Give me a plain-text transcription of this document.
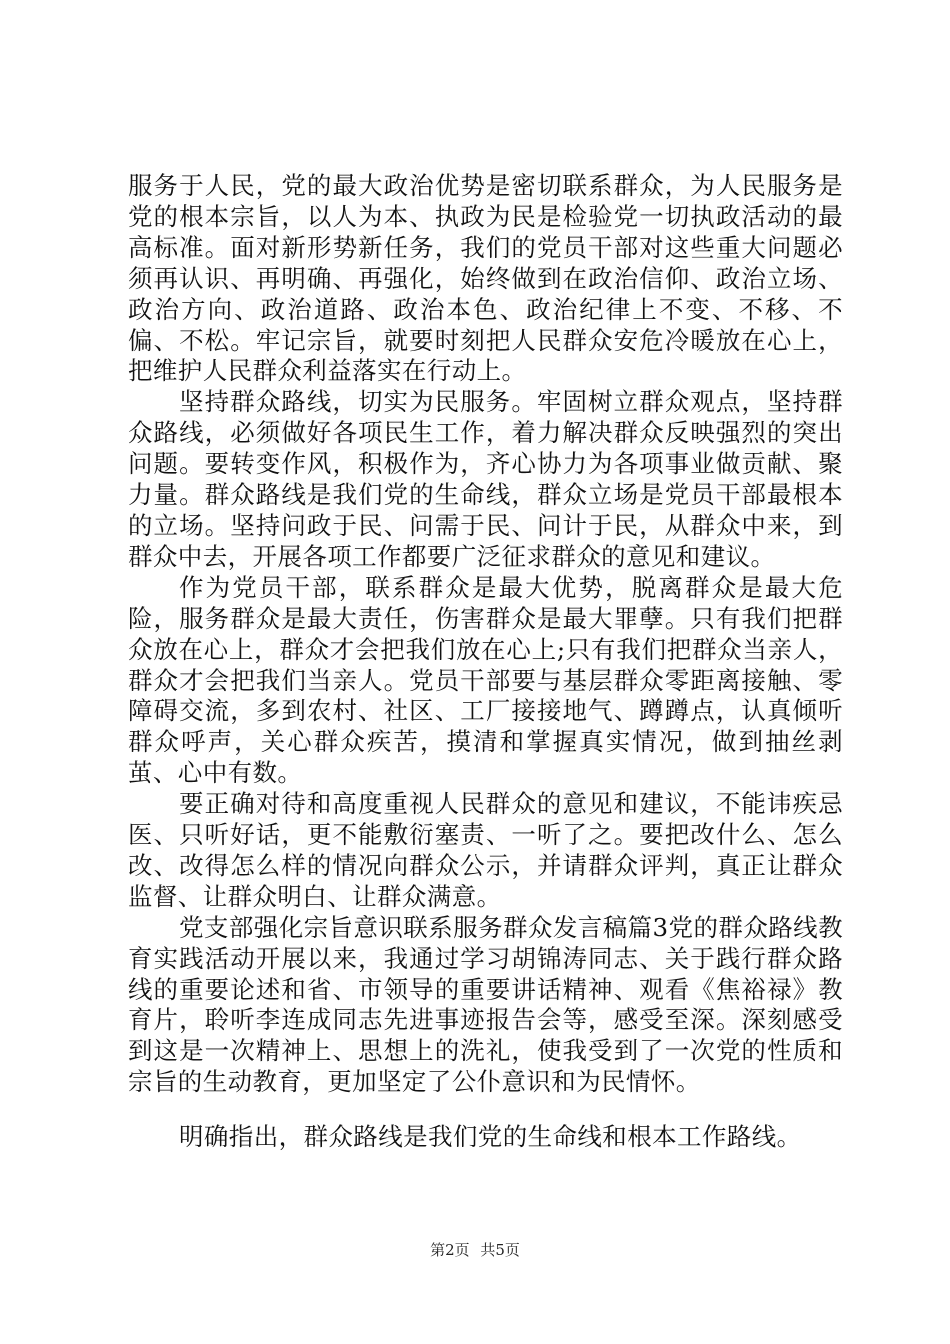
服务于人民，党的最大政治优势是密切联系群众，为人民服务是党的根本宗旨，以人为本、执政为民是检验党一切执政活动的最高标准。面对新形势新任务，我们的党员干部对这些重大问题必须再认识、再明确、再强化，始终做到在政治信仰、政治立场、政治方向、政治道路、政治本色、政治纪律上不变、不移、不偏、不松。牢记宗旨，就要时刻把人民群众安危冷暖放在心上，把维护人民群众利益落实在行动上。

坚持群众路线，切实为民服务。牢固树立群众观点，坚持群众路线，必须做好各项民生工作，着力解决群众反映强烈的突出问题。要转变作风，积极作为，齐心协力为各项事业做贡献、聚力量。群众路线是我们党的生命线，群众立场是党员干部最根本的立场。坚持问政于民、问需于民、问计于民，从群众中来，到群众中去，开展各项工作都要广泛征求群众的意见和建议。

作为党员干部，联系群众是最大优势，脱离群众是最大危险，服务群众是最大责任，伤害群众是最大罪孽。只有我们把群众放在心上，群众才会把我们放在心上;只有我们把群众当亲人，群众才会把我们当亲人。党员干部要与基层群众零距离接触、零障碍交流，多到农村、社区、工厂接接地气、蹲蹲点，认真倾听群众呼声，关心群众疾苦，摸清和掌握真实情况，做到抽丝剥茧、心中有数。

要正确对待和高度重视人民群众的意见和建议，不能讳疾忌医、只听好话，更不能敷衍塞责、一听了之。要把改什么、怎么改、改得怎么样的情况向群众公示，并请群众评判，真正让群众监督、让群众明白、让群众满意。

党支部强化宗旨意识联系服务群众发言稿篇3党的群众路线教育实践活动开展以来，我通过学习胡锦涛同志、关于践行群众路线的重要论述和省、市领导的重要讲话精神、观看《焦裕禄》教育片，聆听李连成同志先进事迹报告会等，感受至深。深刻感受到这是一次精神上、思想上的洗礼，使我受到了一次党的性质和宗旨的生动教育，更加坚定了公仆意识和为民情怀。

明确指出，群众路线是我们党的生命线和根本工作路线。

第2页 共5页
